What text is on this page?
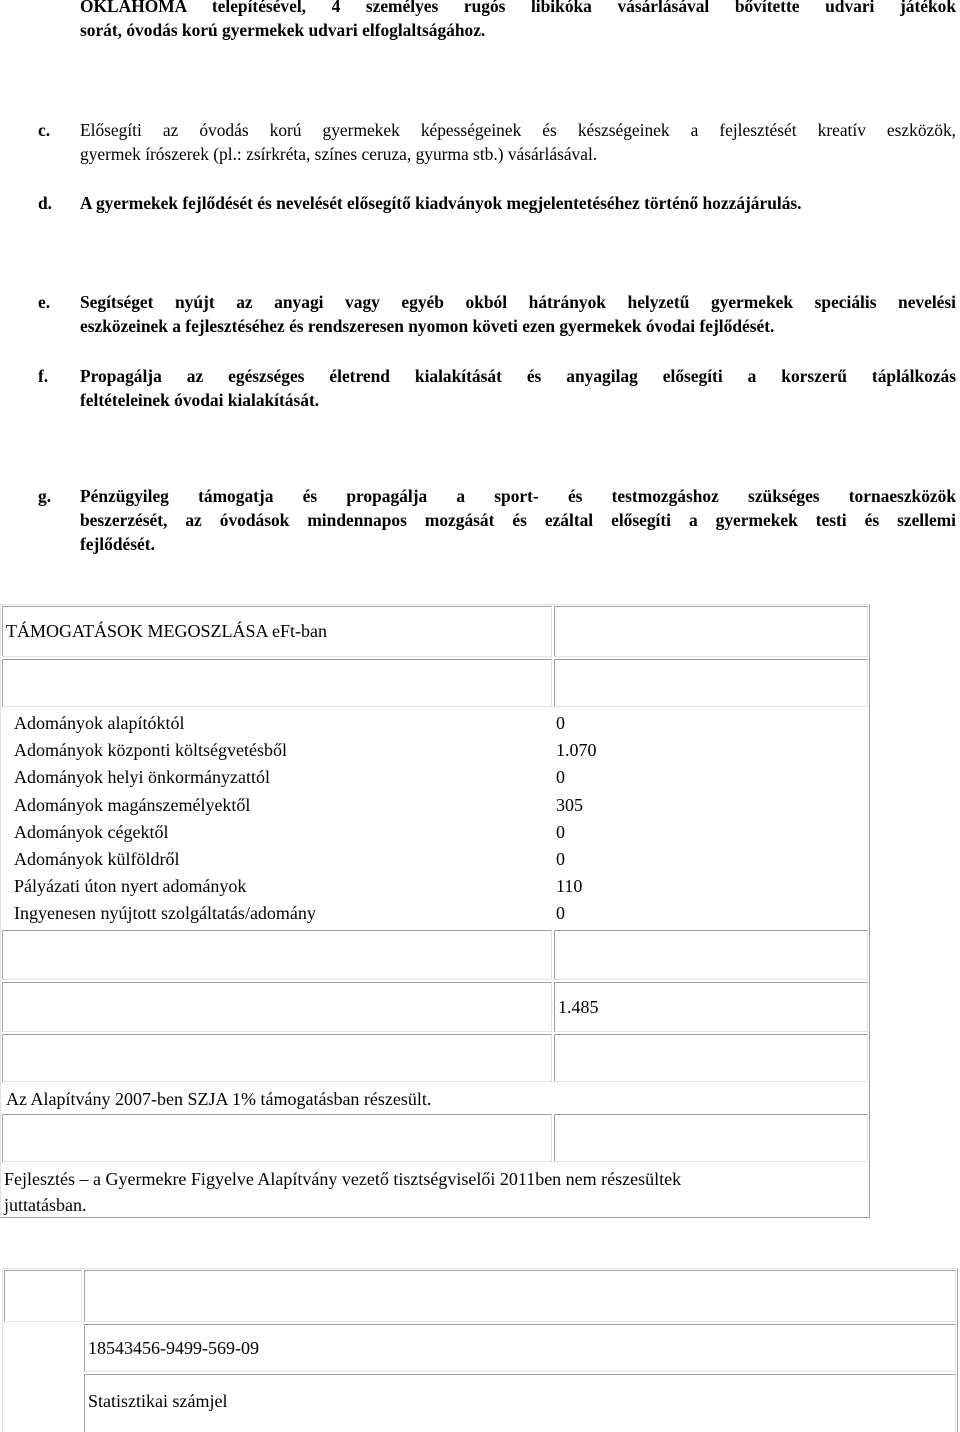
OKLAHOMA telepítésével, 4 személyes rugós libikóka vásárlásával bővítette udvari játékok
sorát, óvodás korú gyermekek udvari elfoglaltságához.
c. Elősegíti az óvodás korú gyermekek képességeinek és készségeinek a fejlesztését kreatív eszközök,
gyermek írószerek (pl.: zsírkréta, színes ceruza, gyurma stb.) vásárlásával.
d. A gyermekek fejlődését és nevelését elősegítő kiadványok megjelentetéséhez történő hozzájárulás.
e. Segítséget nyújt az anyagi vagy egyéb okból hátrányok helyzetű gyermekek speciális nevelési
eszközeinek a fejlesztéséhez és rendszeresen nyomon követi ezen gyermekek óvodai fejlődését.
f. Propagálja az egészséges életrend kialakítását és anyagilag elősegíti a korszerű táplálkozás
feltételeinek óvodai kialakítását.
g. Pénzügyileg támogatja és propagálja a sport- és testmozgáshoz szükséges tornaeszközök
beszerzését, az óvodások mindennapos mozgását és ezáltal elősegíti a gyermekek testi és szellemi
fejlődését.
TÁMOGATÁSOK MEGOSZLÁSA eFt-ban
Adományok alapítóktól	0
Adományok központi költségvetésből	1.070
Adományok helyi önkormányzattól	0
Adományok magánszemélyektől	305
Adományok cégektől	0
Adományok külföldről	0
Pályázati úton nyert adományok	110
Ingyenesen nyújtott szolgáltatás/adomány	0
1.485
Az Alapítvány 2007-ben SZJA 1% támogatásban részesült.
Fejlesztés – a Gyermekre Figyelve Alapítvány vezető tisztségviselői 2011ben nem részesültek
juttatásban.
18543456-9499-569-09
Statisztikai számjel
